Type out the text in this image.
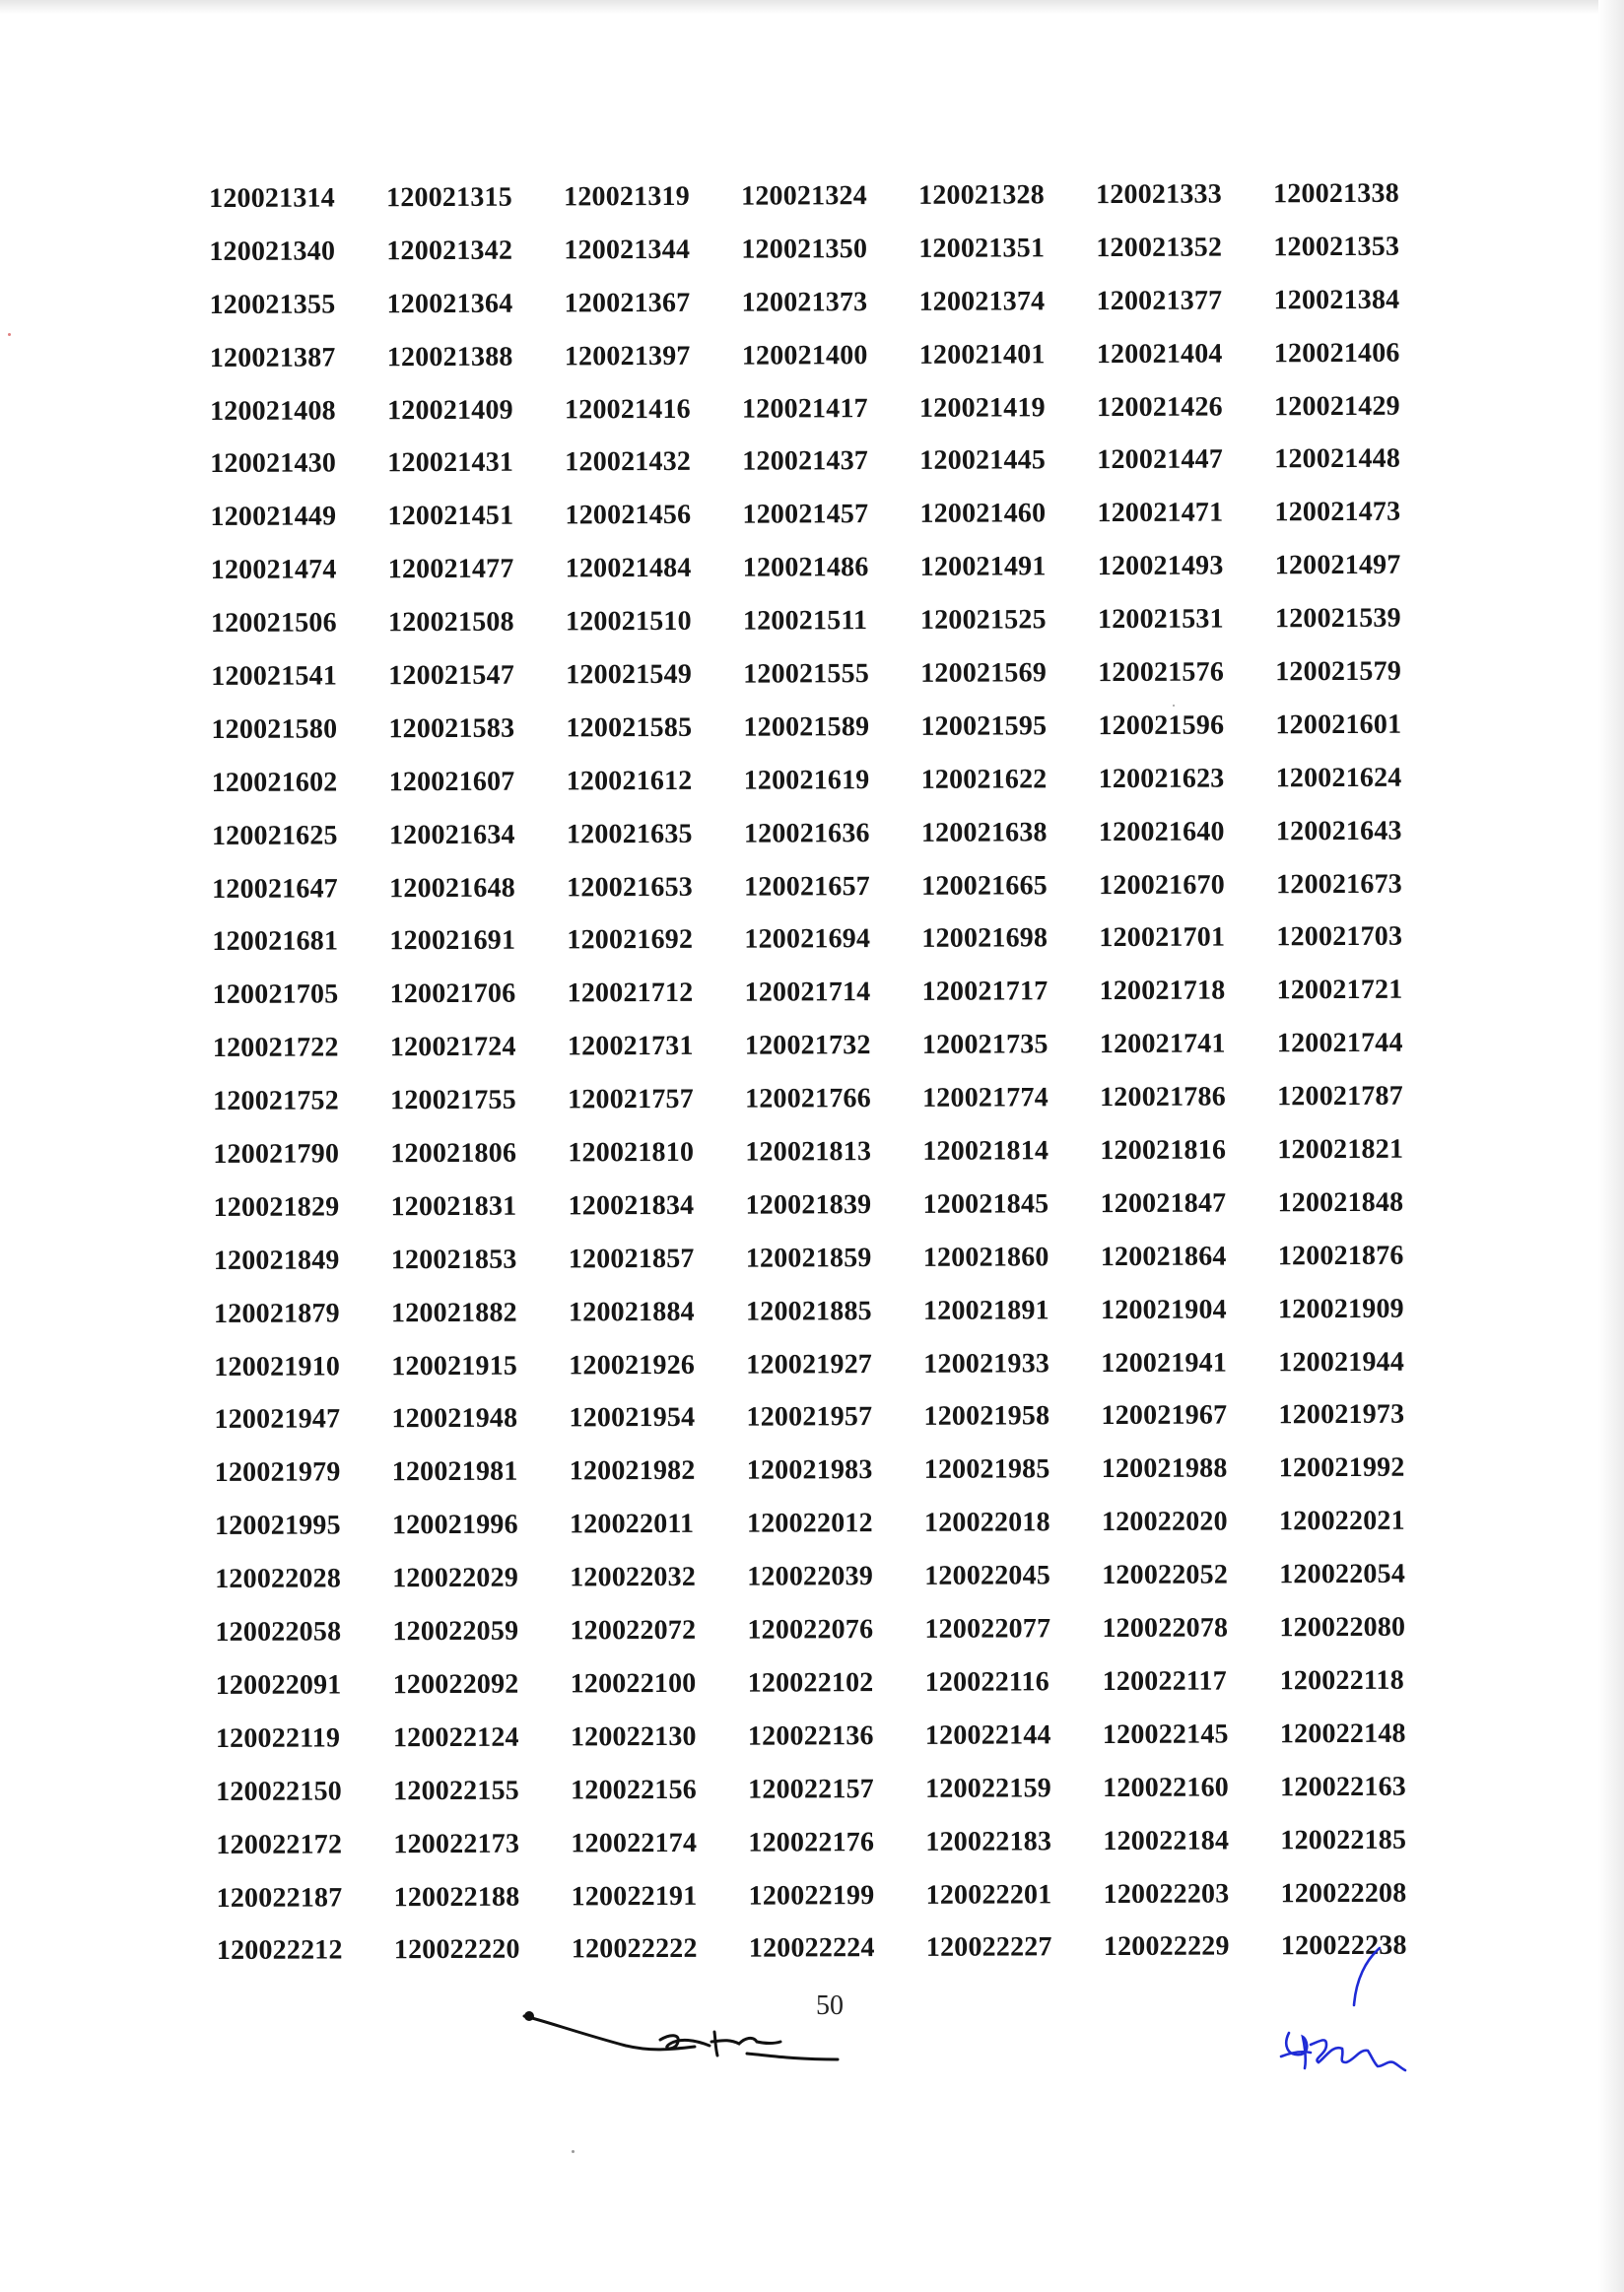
120021314	120021315	120021319	120021324	120021328	120021333	120021338
120021340	120021342	120021344	120021350	120021351	120021352	120021353
120021355	120021364	120021367	120021373	120021374	120021377	120021384
120021387	120021388	120021397	120021400	120021401	120021404	120021406
120021408	120021409	120021416	120021417	120021419	120021426	120021429
120021430	120021431	120021432	120021437	120021445	120021447	120021448
120021449	120021451	120021456	120021457	120021460	120021471	120021473
120021474	120021477	120021484	120021486	120021491	120021493	120021497
120021506	120021508	120021510	120021511	120021525	120021531	120021539
120021541	120021547	120021549	120021555	120021569	120021576	120021579
120021580	120021583	120021585	120021589	120021595	120021596	120021601
120021602	120021607	120021612	120021619	120021622	120021623	120021624
120021625	120021634	120021635	120021636	120021638	120021640	120021643
120021647	120021648	120021653	120021657	120021665	120021670	120021673
120021681	120021691	120021692	120021694	120021698	120021701	120021703
120021705	120021706	120021712	120021714	120021717	120021718	120021721
120021722	120021724	120021731	120021732	120021735	120021741	120021744
120021752	120021755	120021757	120021766	120021774	120021786	120021787
120021790	120021806	120021810	120021813	120021814	120021816	120021821
120021829	120021831	120021834	120021839	120021845	120021847	120021848
120021849	120021853	120021857	120021859	120021860	120021864	120021876
120021879	120021882	120021884	120021885	120021891	120021904	120021909
120021910	120021915	120021926	120021927	120021933	120021941	120021944
120021947	120021948	120021954	120021957	120021958	120021967	120021973
120021979	120021981	120021982	120021983	120021985	120021988	120021992
120021995	120021996	120022011	120022012	120022018	120022020	120022021
120022028	120022029	120022032	120022039	120022045	120022052	120022054
120022058	120022059	120022072	120022076	120022077	120022078	120022080
120022091	120022092	120022100	120022102	120022116	120022117	120022118
120022119	120022124	120022130	120022136	120022144	120022145	120022148
120022150	120022155	120022156	120022157	120022159	120022160	120022163
120022172	120022173	120022174	120022176	120022183	120022184	120022185
120022187	120022188	120022191	120022199	120022201	120022203	120022208
120022212	120022220	120022222	120022224	120022227	120022229	120022238
50
